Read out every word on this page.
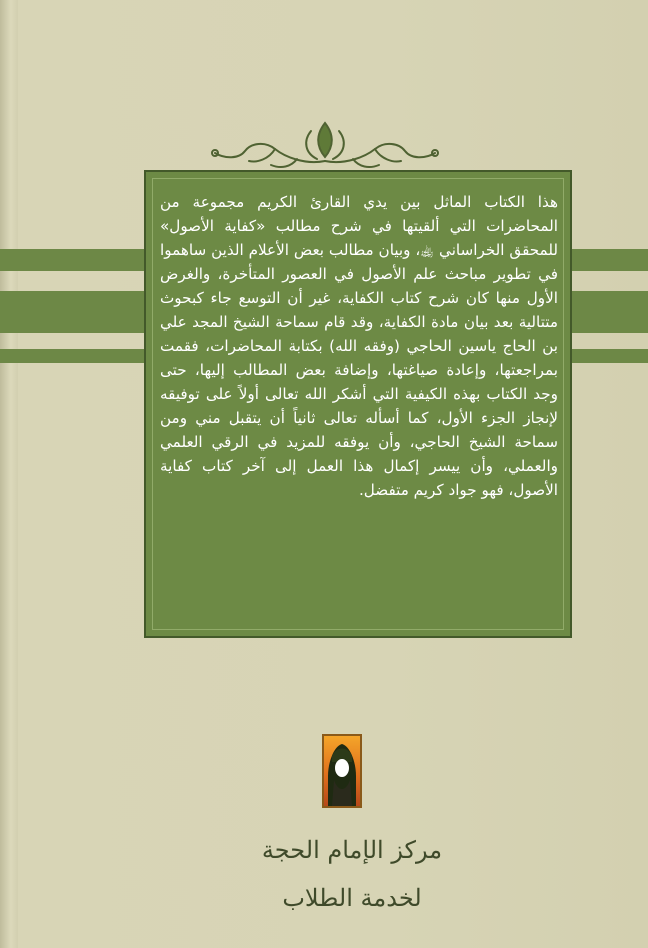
هذا الكتاب الماثل بين يدي القارئ الكريم مجموعة من المحاضرات التي ألقيتها في شرح مطالب «كفاية الأصول» للمحقق الخراساني ﵀، وبيان مطالب بعض الأعلام الذين ساهموا في تطوير مباحث علم الأصول في العصور المتأخرة، والغرض الأول منها كان شرح كتاب الكفاية، غير أن التوسع جاء كبحوث متتالية بعد بيان مادة الكفاية، وقد قام سماحة الشيخ المجد علي بن الحاج ياسين الحاجي (وفقه الله) بكتابة المحاضرات، فقمت بمراجعتها، وإعادة صياغتها، وإضافة بعض المطالب إليها، حتى وجد الكتاب بهذه الكيفية التي أشكر الله تعالى أولاً على توفيقه لإنجاز الجزء الأول، كما أسأله تعالى ثانياً أن يتقبل مني ومن سماحة الشيخ الحاجي، وأن يوفقه للمزيد في الرقي العلمي والعملي، وأن ييسر إكمال هذا العمل إلى آخر كتاب كفاية الأصول، فهو جواد كريم متفضل.
مركز الإمام الحجة لخدمة الطلاب
